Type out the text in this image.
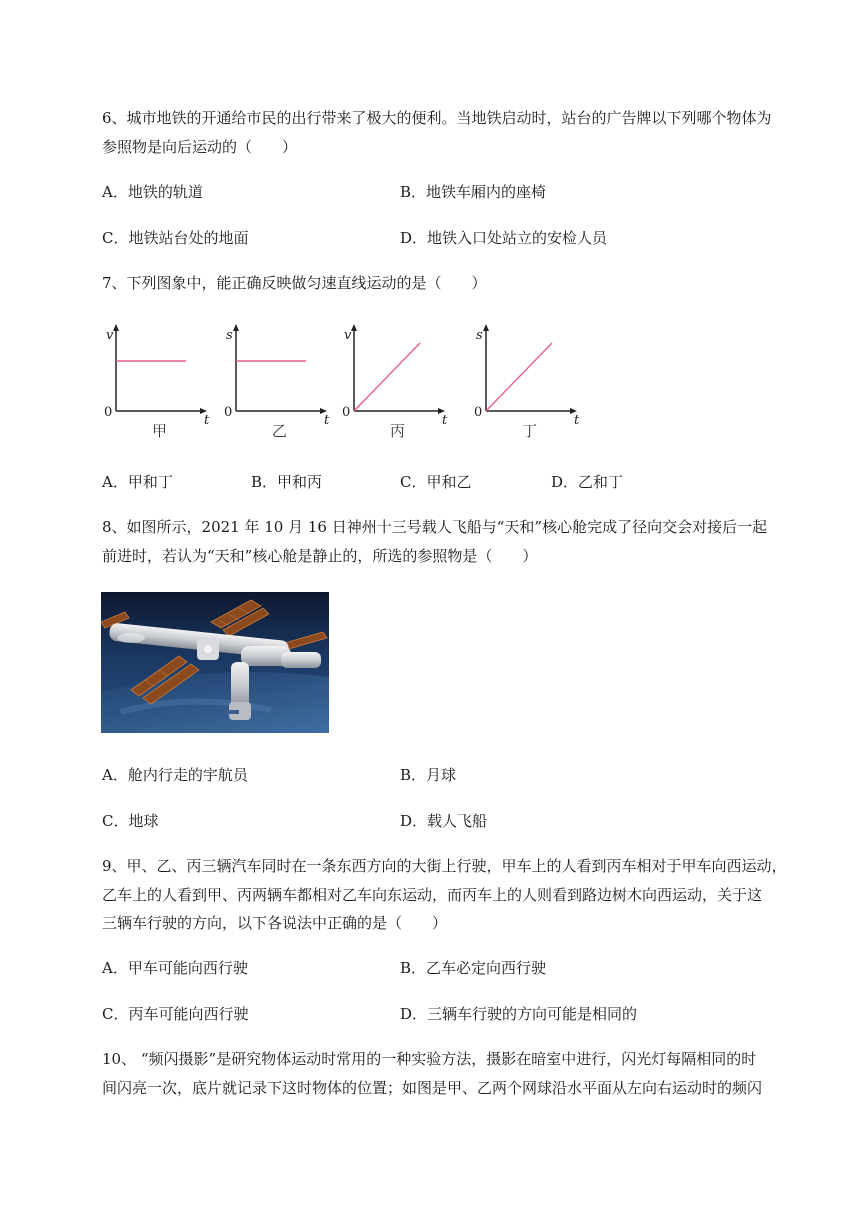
6、城市地铁的开通给市民的出行带来了极大的便利。当地铁启动时，站台的广告牌以下列哪个物体为
参照物是向后运动的（　　）
A．地铁的轨道	B．地铁车厢内的座椅
C．地铁站台处的地面	D．地铁入口处站立的安检人员
7、下列图象中，能正确反映做匀速直线运动的是（　　）
v
t
0
甲
s
t
0
乙
v
t
0
丙
s
t
0
丁
A．甲和丁	B．甲和丙	C．甲和乙	D．乙和丁
8、如图所示，2021 年 10 月 16 日神州十三号载人飞船与“天和”核心舱完成了径向交会对接后一起
前进时，若认为“天和”核心舱是静止的，所选的参照物是（　　）
A．舱内行走的宇航员	B．月球
C．地球	D．载人飞船
9、甲、乙、丙三辆汽车同时在一条东西方向的大街上行驶，甲车上的人看到丙车相对于甲车向西运动，
乙车上的人看到甲、丙两辆车都相对乙车向东运动，而丙车上的人则看到路边树木向西运动，关于这
三辆车行驶的方向，以下各说法中正确的是（　　）
A．甲车可能向西行驶	B．乙车必定向西行驶
C．丙车可能向西行驶	D．三辆车行驶的方向可能是相同的
10、 “频闪摄影”是研究物体运动时常用的一种实验方法，摄影在暗室中进行，闪光灯每隔相同的时
间闪亮一次，底片就记录下这时物体的位置；如图是甲、乙两个网球沿水平面从左向右运动时的频闪
